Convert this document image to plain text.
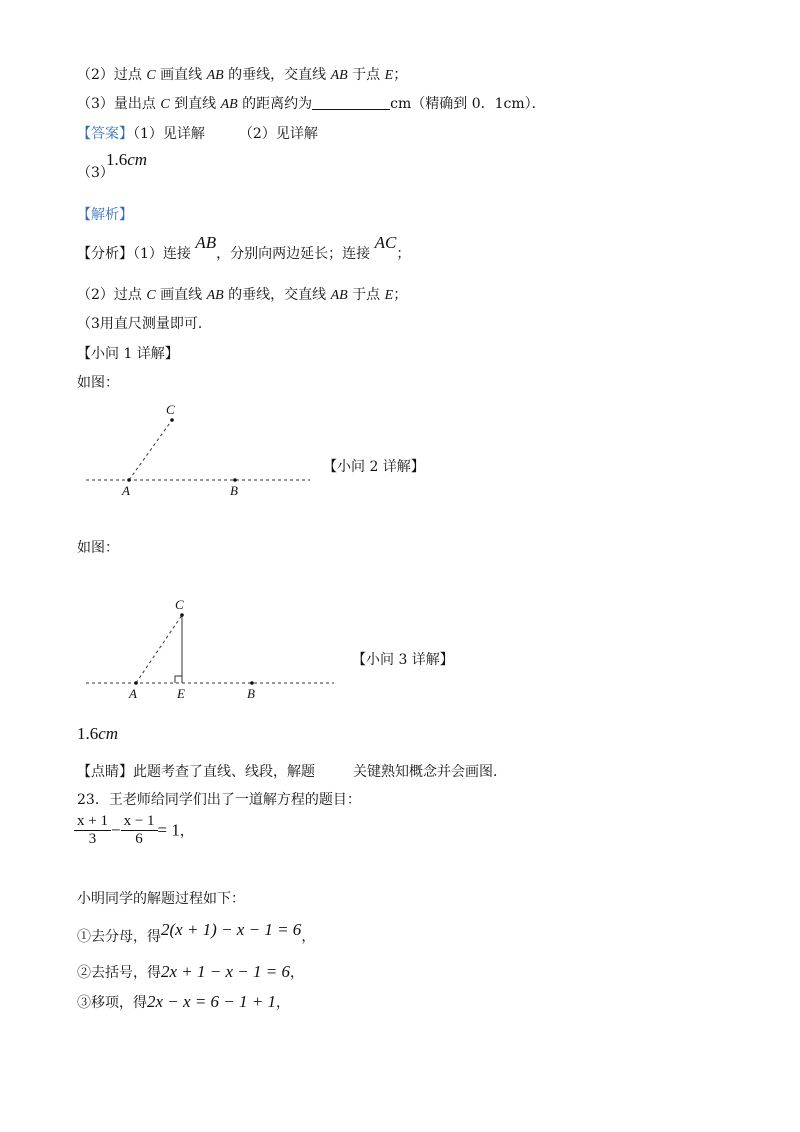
（2）过点 C 画直线 AB 的垂线，交直线 AB 于点 E；
（3）量出点 C 到直线 AB 的距离约为	cm（精确到 0．1cm）．
【答案】（1）见详解 （2）见详解
（3）
1.6cm
【解析】
【分析】（1）连接 AB，分别向两边延长；连接 AC；
（2）过点 C 画直线 AB 的垂线，交直线 AB 于点 E；
（3用直尺测量即可．
【小问 1 详解】
如图：
A	B
C
【小问 2 详解】
如图：
A	E	B
C
【小问 3 详解】
1.6cm
【点睛】此题考查了直线、线段，解题	关键熟知概念并会画图．
23．王老师给同学们出了一道解方程的题目：
$\frac{x + 1}{3} - \frac{x - 1}{6} = 1$，
小明同学的解题过程如下：
①去分母，得2(x + 1) − x − 1 = 6，
②去括号，得2x + 1 − x − 1 = 6，
③移项，得2x − x = 6 − 1 + 1，
